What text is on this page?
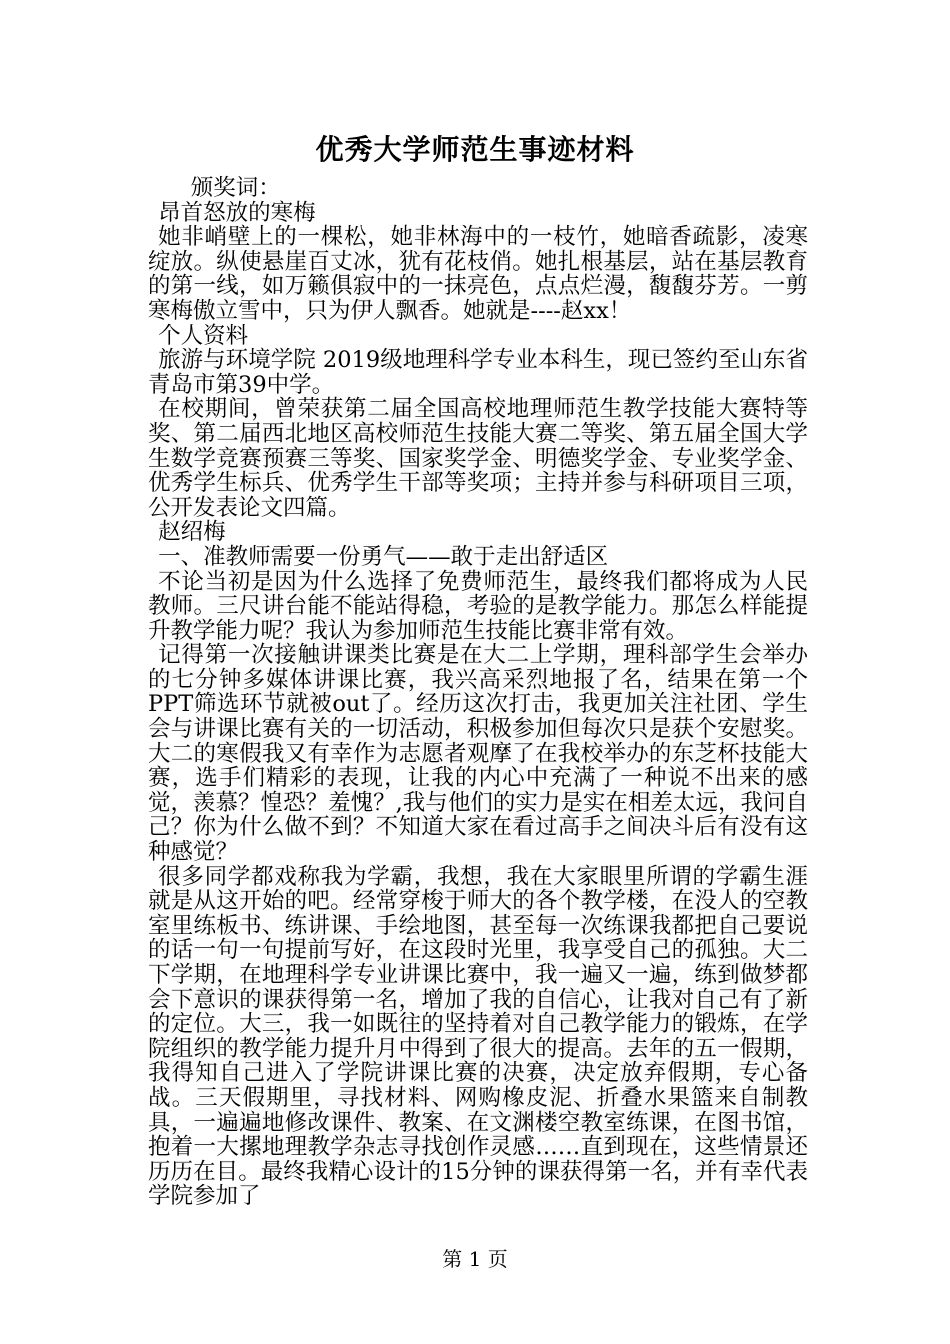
优秀大学师范生事迹材料

颁奖词：

昂首怒放的寒梅

她非峭壁上的一棵松，她非林海中的一枝竹，她暗香疏影，凌寒绽放。纵使悬崖百丈冰，犹有花枝俏。她扎根基层，站在基层教育的第一线，如万籁俱寂中的一抹亮色，点点烂漫，馥馥芬芳。一剪寒梅傲立雪中，只为伊人飘香。她就是----赵xx！

个人资料

旅游与环境学院 2019级地理科学专业本科生，现已签约至山东省青岛市第39中学。

在校期间，曾荣获第二届全国高校地理师范生教学技能大赛特等奖、第二届西北地区高校师范生技能大赛二等奖、第五届全国大学生数学竞赛预赛三等奖、国家奖学金、明德奖学金、专业奖学金、优秀学生标兵、优秀学生干部等奖项；主持并参与科研项目三项，公开发表论文四篇。

赵绍梅

一、准教师需要一份勇气——敢于走出舒适区

不论当初是因为什么选择了免费师范生，最终我们都将成为人民教师。三尺讲台能不能站得稳，考验的是教学能力。那怎么样能提升教学能力呢？我认为参加师范生技能比赛非常有效。

记得第一次接触讲课类比赛是在大二上学期，理科部学生会举办的七分钟多媒体讲课比赛，我兴高采烈地报了名，结果在第一个PPT筛选环节就被out了。经历这次打击，我更加关注社团、学生会与讲课比赛有关的一切活动，积极参加但每次只是获个安慰奖。大二的寒假我又有幸作为志愿者观摩了在我校举办的东芝杯技能大赛，选手们精彩的表现，让我的内心中充满了一种说不出来的感觉，羡慕？惶恐？羞愧？,我与他们的实力是实在相差太远，我问自己？你为什么做不到？不知道大家在看过高手之间决斗后有没有这种感觉？

很多同学都戏称我为学霸，我想，我在大家眼里所谓的学霸生涯就是从这开始的吧。经常穿梭于师大的各个教学楼，在没人的空教室里练板书、练讲课、手绘地图，甚至每一次练课我都把自己要说的话一句一句提前写好，在这段时光里，我享受自己的孤独。大二下学期，在地理科学专业讲课比赛中，我一遍又一遍，练到做梦都会下意识的课获得第一名，增加了我的自信心，让我对自己有了新的定位。大三，我一如既往的坚持着对自己教学能力的锻炼，在学院组织的教学能力提升月中得到了很大的提高。去年的五一假期，我得知自己进入了学院讲课比赛的决赛，决定放弃假期，专心备战。三天假期里，寻找材料、网购橡皮泥、折叠水果篮来自制教具，一遍遍地修改课件、教案、在文渊楼空教室练课，在图书馆，抱着一大摞地理教学杂志寻找创作灵感……直到现在，这些情景还历历在目。最终我精心设计的15分钟的课获得第一名，并有幸代表学院参加了

第 1 页
